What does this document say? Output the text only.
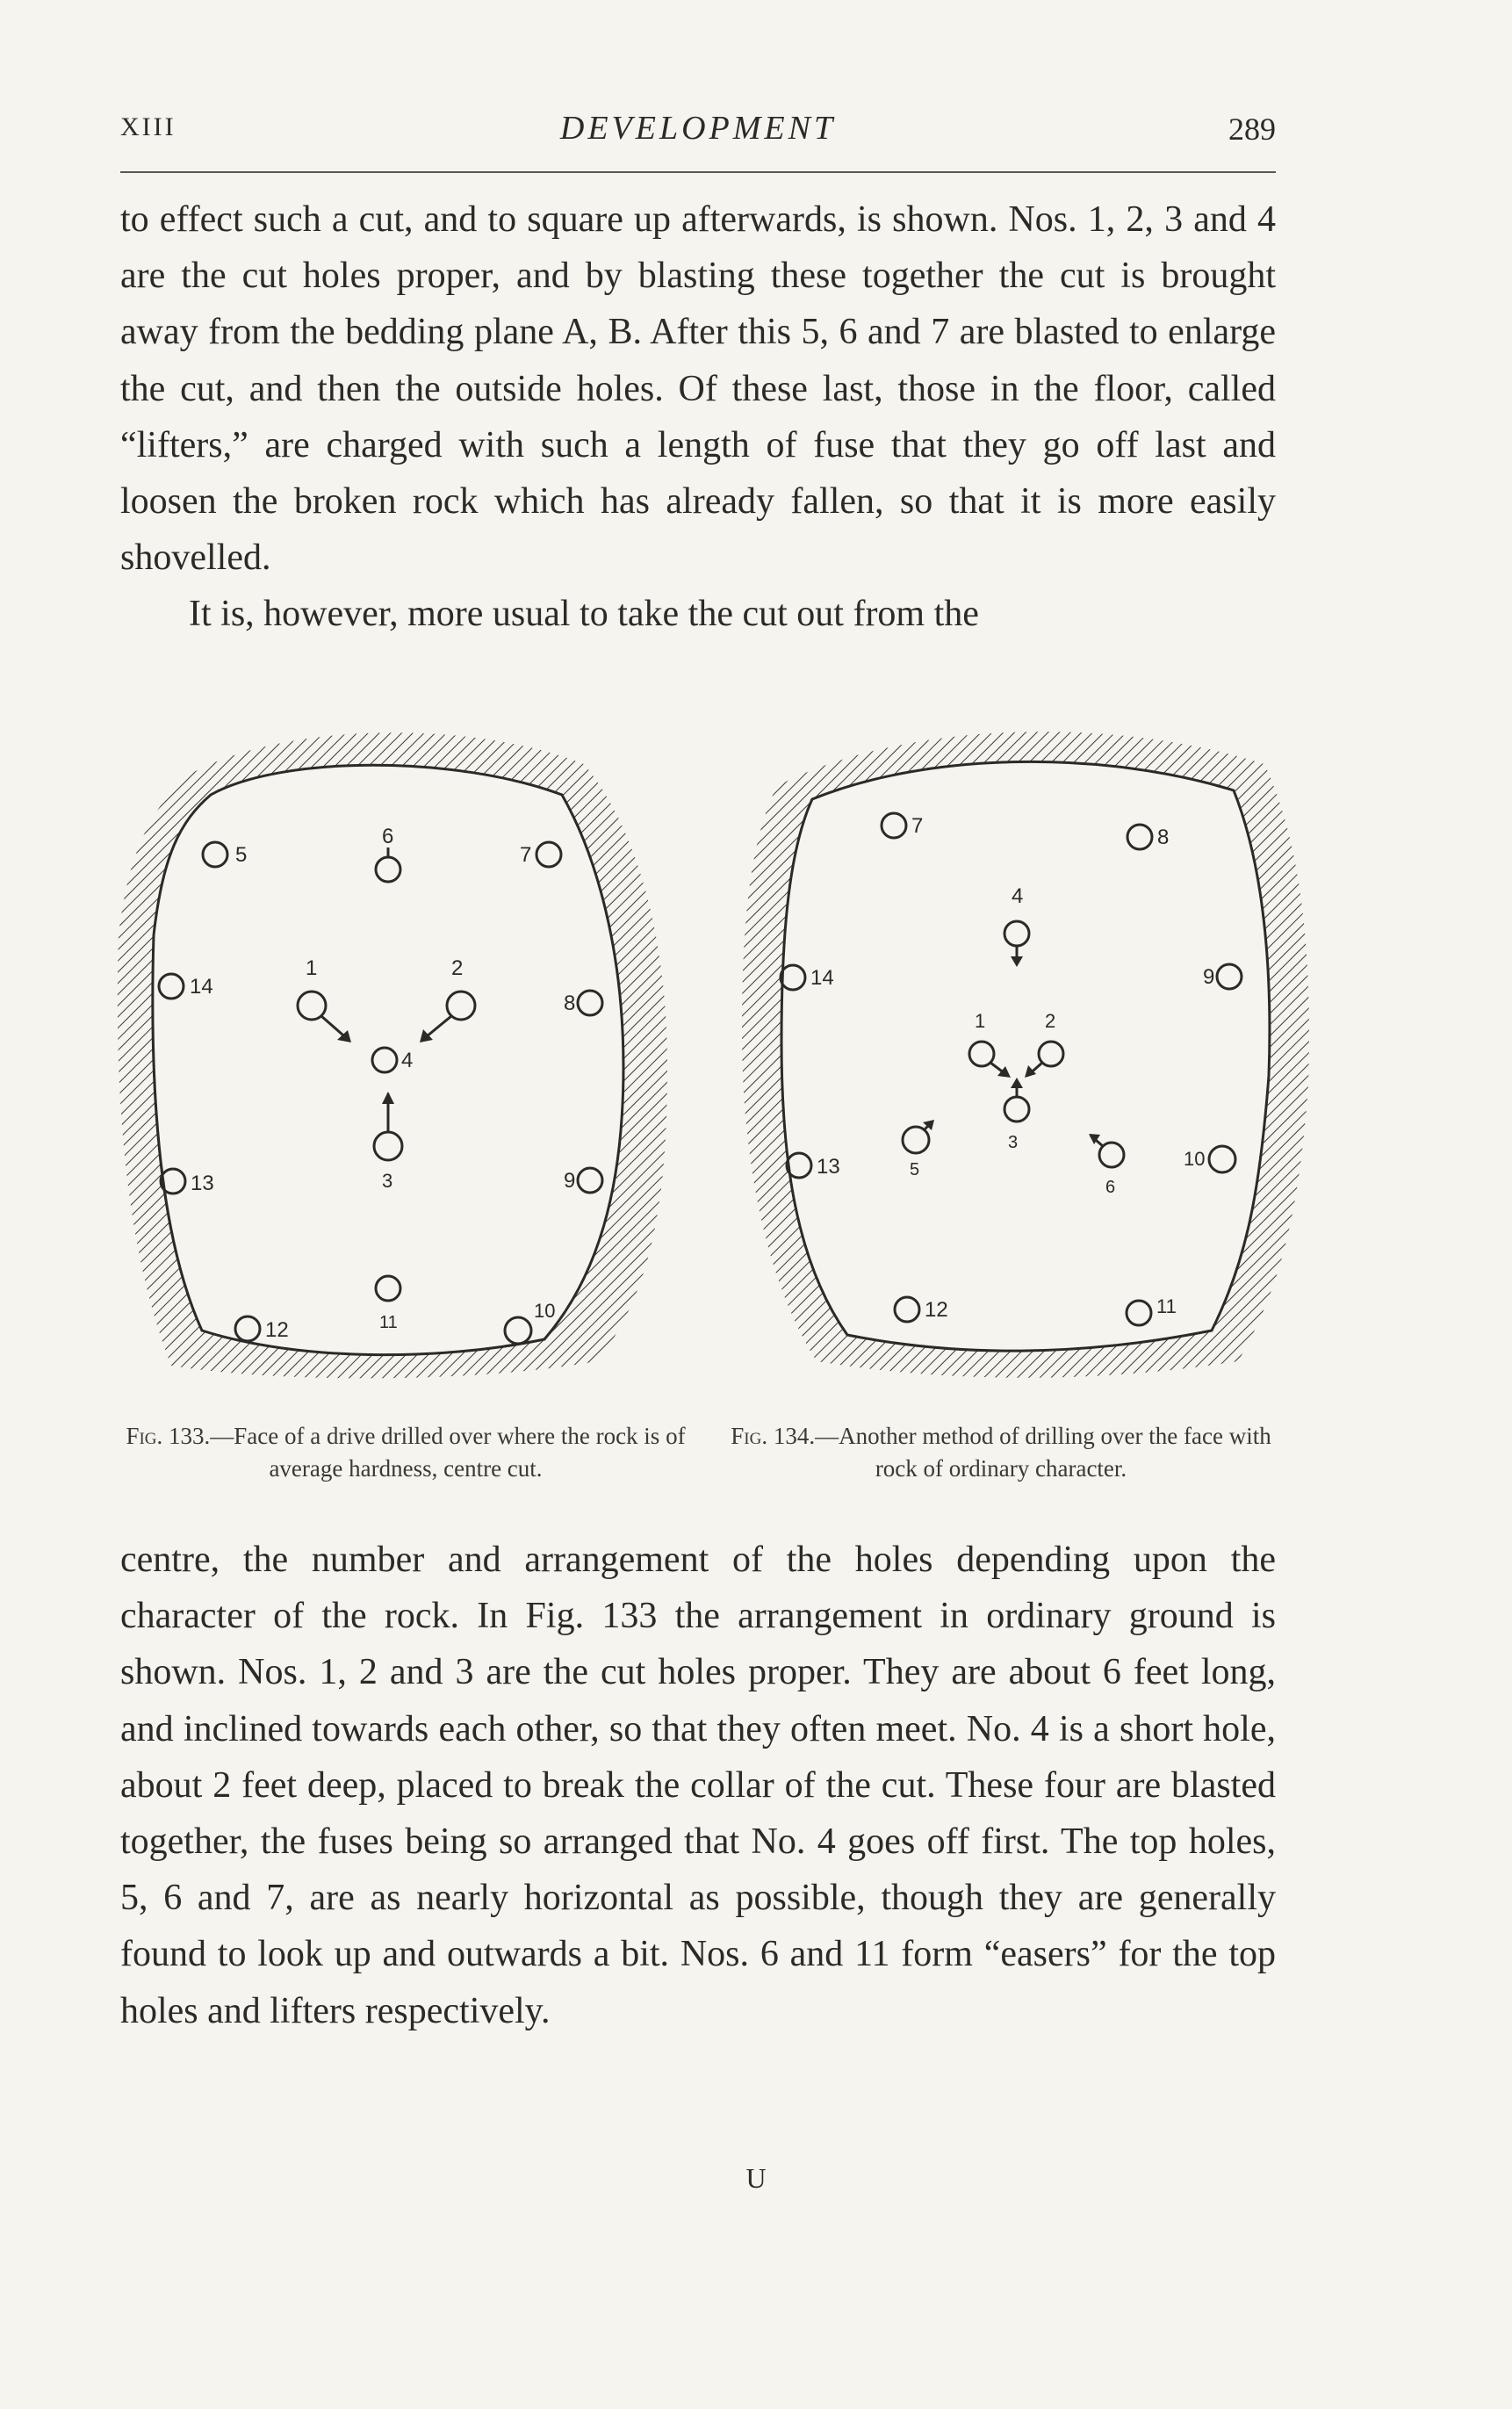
XIII	DEVELOPMENT	289

to effect such a cut, and to square up afterwards, is shown. Nos. 1, 2, 3 and 4 are the cut holes proper, and by blasting these together the cut is brought away from the bedding plane A, B. After this 5, 6 and 7 are blasted to enlarge the cut, and then the outside holes. Of these last, those in the floor, called “lifters,” are charged with such a length of fuse that they go off last and loosen the broken rock which has already fallen, so that it is more easily shovelled.
It is, however, more usual to take the cut out from the

5
6
7
14
1	2
8
4
3
13	9
11
12
10
7	8
4
14	9
1	2
3
5
13
6
10
12	11
Fig. 133.—Face of a drive drilled over where the rock is of average hardness, centre cut.
Fig. 134.—Another method of drilling over the face with rock of ordinary character.

centre, the number and arrangement of the holes depending upon the character of the rock. In Fig. 133 the arrangement in ordinary ground is shown. Nos. 1, 2 and 3 are the cut holes proper. They are about 6 feet long, and inclined towards each other, so that they often meet. No. 4 is a short hole, about 2 feet deep, placed to break the collar of the cut. These four are blasted together, the fuses being so arranged that No. 4 goes off first. The top holes, 5, 6 and 7, are as nearly horizontal as possible, though they are generally found to look up and outwards a bit. Nos. 6 and 11 form “easers” for the top holes and lifters respectively.

U
